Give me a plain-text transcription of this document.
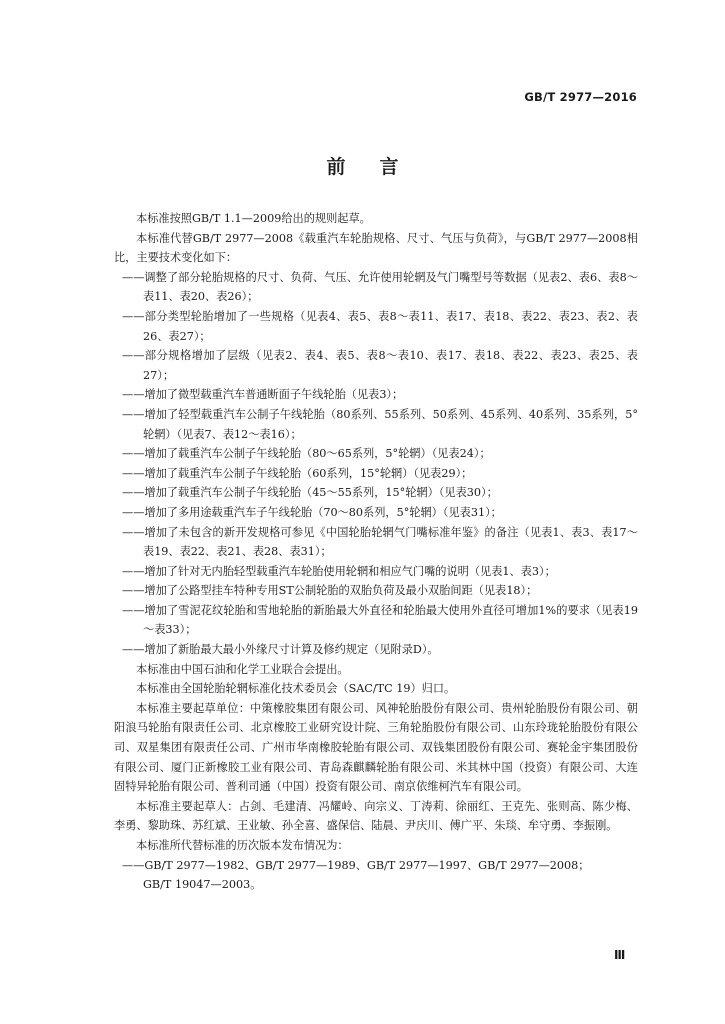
GB/T 2977—2016
前言

本标准按照GB/T 1.1—2009给出的规则起草。

本标准代替GB/T 2977—2008《载重汽车轮胎规格、尺寸、气压与负荷》，与GB/T 2977—2008相比，主要技术变化如下：

——调整了部分轮胎规格的尺寸、负荷、气压、允许使用轮辋及气门嘴型号等数据（见表2、表6、表8～表11、表20、表26）；

——部分类型轮胎增加了一些规格（见表4、表5、表8～表11、表17、表18、表22、表23、表2、表26、表27）；

——部分规格增加了层级（见表2、表4、表5、表8～表10、表17、表18、表22、表23、表25、表27）；

——增加了微型载重汽车普通断面子午线轮胎（见表3）；

——增加了轻型载重汽车公制子午线轮胎（80系列、55系列、50系列、45系列、40系列、35系列，5°轮辋）（见表7、表12～表16）；

——增加了载重汽车公制子午线轮胎（80～65系列，5°轮辋）（见表24）；

——增加了载重汽车公制子午线轮胎（60系列，15°轮辋）（见表29）；

——增加了载重汽车公制子午线轮胎（45～55系列，15°轮辋）（见表30）；

——增加了多用途载重汽车子午线轮胎（70～80系列，5°轮辋）（见表31）；

——增加了未包含的新开发规格可参见《中国轮胎轮辋气门嘴标准年鉴》的备注（见表1、表3、表17～表19、表22、表21、表28、表31）；

——增加了针对无内胎轻型载重汽车轮胎使用轮辋和相应气门嘴的说明（见表1、表3）；

——增加了公路型挂车特种专用ST公制轮胎的双胎负荷及最小双胎间距（见表18）；

——增加了雪泥花纹轮胎和雪地轮胎的新胎最大外直径和轮胎最大使用外直径可增加1%的要求（见表19～表33）；

——增加了新胎最大最小外缘尺寸计算及修约规定（见附录D）。

本标准由中国石油和化学工业联合会提出。

本标准由全国轮胎轮辋标准化技术委员会（SAC/TC 19）归口。

本标准主要起草单位：中策橡胶集团有限公司、风神轮胎股份有限公司、贵州轮胎股份有限公司、朝阳浪马轮胎有限责任公司、北京橡胶工业研究设计院、三角轮胎股份有限公司、山东玲珑轮胎股份有限公司、双星集团有限责任公司、广州市华南橡胶轮胎有限公司、双钱集团股份有限公司、赛轮金宇集团股份有限公司、厦门正新橡胶工业有限公司、青岛森麒麟轮胎有限公司、米其林中国（投资）有限公司、大连固特异轮胎有限公司、普利司通（中国）投资有限公司、南京依维柯汽车有限公司。

本标准主要起草人：占剑、毛建清、冯耀岭、向宗义、丁涛莉、徐丽红、王克先、张则高、陈少梅、李勇、黎助珠、苏红斌、王业敏、孙全喜、盛保信、陆晨、尹庆川、傅广平、朱琰、牟守勇、李振刚。

本标准所代替标准的历次版本发布情况为：

——GB/T 2977—1982、GB/T 2977—1989、GB/T 2977—1997、GB/T 2977—2008；

GB/T 19047—2003。

Ⅲ
